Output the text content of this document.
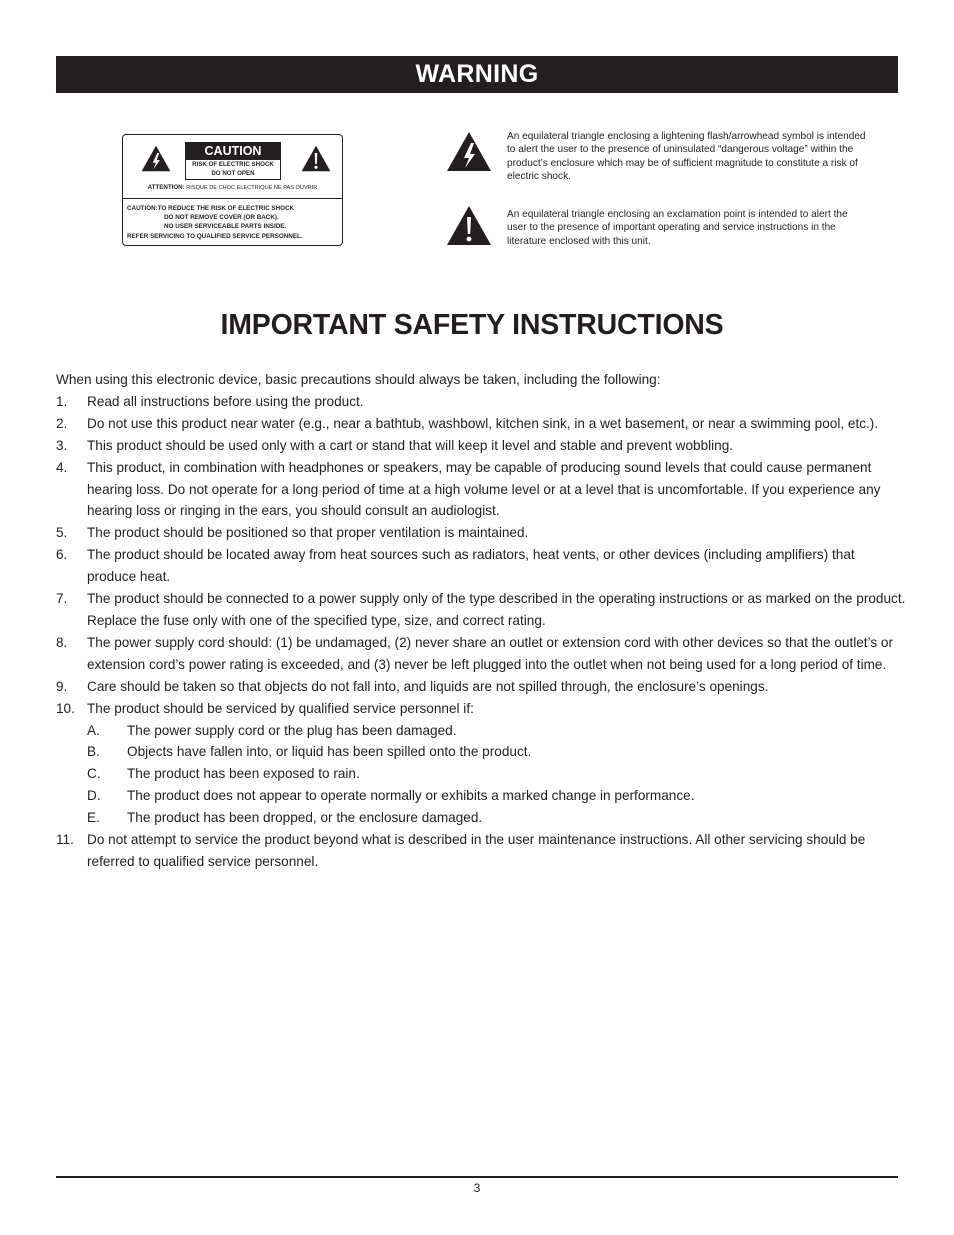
WARNING
CAUTION
RISK OF ELECTRIC SHOCK
DO NOT OPEN
ATTENTION: RISQUE DE CHOC ELECTRIQUE NE PAS OUVRIR
CAUTION:TO REDUCE THE RISK OF ELECTRIC SHOCK
DO NOT REMOVE COVER (OR BACK).
NO USER SERVICEABLE PARTS INSIDE.
REFER SERVICING TO QUALIFIED SERVICE PERSONNEL.
An equilateral triangle enclosing a lightening flash/arrowhead symbol is intended to alert the user to the presence of uninsulated “dangerous voltage” within the product’s enclosure which may be of sufficient magnitude to constitute a risk of electric shock.
An equilateral triangle enclosing an exclamation point is intended to alert the user to the presence of important operating and service instructions in the literature enclosed with this unit.
IMPORTANT SAFETY INSTRUCTIONS

When using this electronic device, basic precautions should always be taken, including the following:

1. Read all instructions before using the product.
2. Do not use this product near water (e.g., near a bathtub, washbowl, kitchen sink, in a wet basement, or near a swimming pool, etc.).
3. This product should be used only with a cart or stand that will keep it level and stable and prevent wobbling.
4. This product, in combination with headphones or speakers, may be capable of producing sound levels that could cause permanent hearing loss. Do not operate for a long period of time at a high volume level or at a level that is uncomfortable. If you experience any hearing loss or ringing in the ears, you should consult an audiologist.
5. The product should be positioned so that proper ventilation is maintained.
6. The product should be located away from heat sources such as radiators, heat vents, or other devices (including amplifiers) that produce heat.
7. The product should be connected to a power supply only of the type described in the operating instructions or as marked on the product. Replace the fuse only with one of the specified type, size, and correct rating.
8. The power supply cord should: (1) be undamaged, (2) never share an outlet or extension cord with other devices so that the outlet’s or extension cord’s power rating is exceeded, and (3) never be left plugged into the outlet when not being used for a long period of time.
9. Care should be taken so that objects do not fall into, and liquids are not spilled through, the enclosure’s openings.
10. The product should be serviced by qualified service personnel if:
A. The power supply cord or the plug has been damaged.
B. Objects have fallen into, or liquid has been spilled onto the product.
C. The product has been exposed to rain.
D. The product does not appear to operate normally or exhibits a marked change in performance.
E. The product has been dropped, or the enclosure damaged.
11. Do not attempt to service the product beyond what is described in the user maintenance instructions. All other servicing should be referred to qualified service personnel.
3
